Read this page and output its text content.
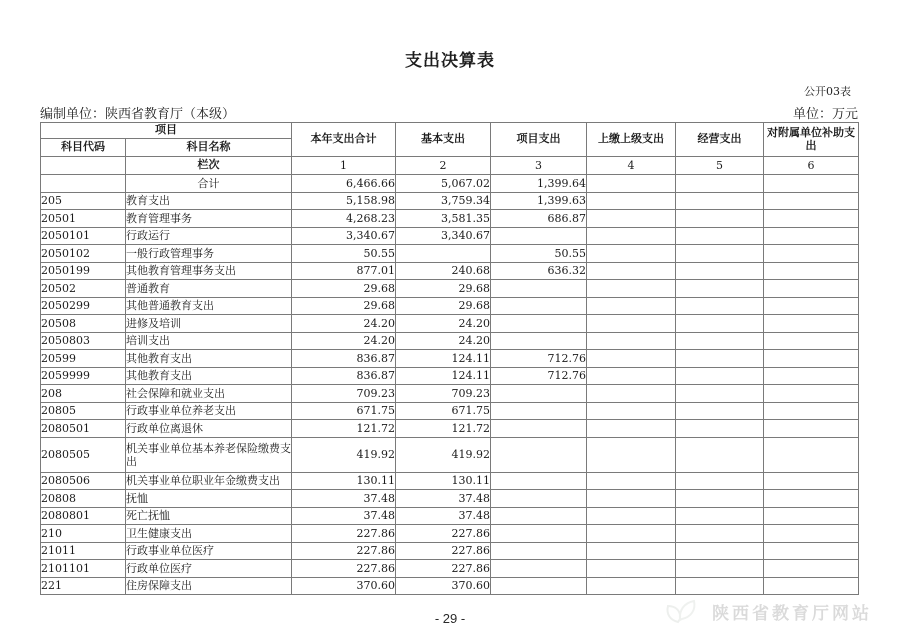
支出决算表
公开03表
编制单位：陕西省教育厅（本级）	单位：万元
项目		本年支出合计	基本支出	项目支出	上缴上级支出	经营支出	对附属单位补助支出
科目代码	科目名称						
	栏次	1	2	3	4	5	6
	合计	6,466.66	5,067.02	1,399.64			
205	教育支出	5,158.98	3,759.34	1,399.63			
20501	教育管理事务	4,268.23	3,581.35	686.87			
2050101	行政运行	3,340.67	3,340.67				
2050102	一般行政管理事务	50.55		50.55			
2050199	其他教育管理事务支出	877.01	240.68	636.32			
20502	普通教育	29.68	29.68				
2050299	其他普通教育支出	29.68	29.68				
20508	进修及培训	24.20	24.20				
2050803	培训支出	24.20	24.20				
20599	其他教育支出	836.87	124.11	712.76			
2059999	其他教育支出	836.87	124.11	712.76			
208	社会保障和就业支出	709.23	709.23				
20805	行政事业单位养老支出	671.75	671.75				
2080501	行政单位离退休	121.72	121.72				
2080505	机关事业单位基本养老保险缴费支出	419.92	419.92				
2080506	机关事业单位职业年金缴费支出	130.11	130.11				
20808	抚恤	37.48	37.48				
2080801	死亡抚恤	37.48	37.48				
210	卫生健康支出	227.86	227.86				
21011	行政事业单位医疗	227.86	227.86				
2101101	行政单位医疗	227.86	227.86				
221	住房保障支出	370.60	370.60				
- 29 -	陕西省教育厅网站
